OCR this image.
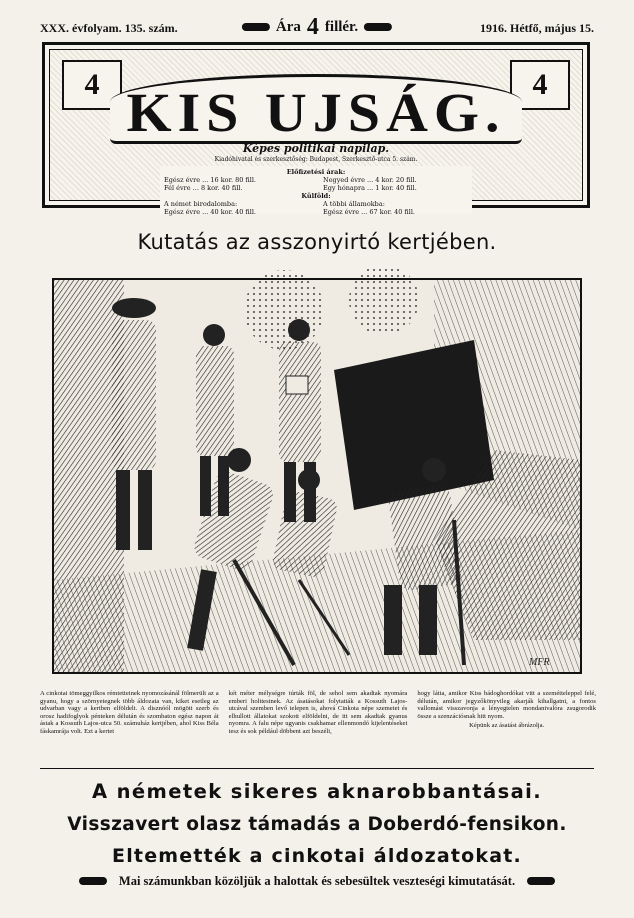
XXX. évfolyam. 135. szám.	Ára 4 fillér.	1916. Hétfő, május 15.
4	4
KIS UJSÁG.
Képes politikai napilap.
Kiadóhivatal és szerkesztőség: Budapest, Szerkesztő-utca 5. szám.
Előfizetési árak:
Egész évre ... 16 kor. 80 fill.	Negyed évre ... 4 kor. 20 fill.
Fél évre ... 8 kor. 40 fill.	Egy hónapra ... 1 kor. 40 fill.
Külföld:
A német birodalomba:	A többi államokba:
Egész évre ... 40 kor. 40 fill.	Egész évre ... 67 kor. 40 fill.
Kutatás az asszonyirtó kertjében.
MFR

A cinkotai tömeggyilkos rémtetteinek nyomozásánál fölmerült az a gyanu, hogy a szörnyetegnek több áldozata van, kiket esetleg az udvarban vagy a kertben elföldelt. A disznóól mögött szerb és orosz hadifoglyok pénteken délután és szombaton egész napon át ástak a Kossuth Lajos-utca 50. számuház kertjében, ahol Kiss Béla fáskamrája volt. Ezt a kertet

két méter mélységre túrták föl, de sehol sem akadtak nyomára emberi holttestnek. Az ásatásokat folytatták a Kossuth Lajos-utcával szemben levő telepen is, ahová Cinkota népe szemetet és elhullott állatokat szokott elföldelni, de itt sem akadtak gyanus nyomra. A falu népe ugyanis csakhamar ellenmondó kijelentéseket tesz és sok például döbbent azt beszéli,

hogy látta, amikor Kiss bádoghordókat vitt a szemétteleppel felé, délután, amikor jegyzőkönyvileg akarják kihallgatni, a fontos vallomást visszavonja a lényegtelen mondanivalóra zsugorodik össze a szenzációsnak hitt nyom.
Képünk az ásatást ábrázolja.

A németek sikeres aknarobbantásai.
Visszavert olasz támadás a Doberdó-fensikon.
Eltemették a cinkotai áldozatokat.
Mai számunkban közöljük a halottak és sebesültek veszteségi kimutatását.
